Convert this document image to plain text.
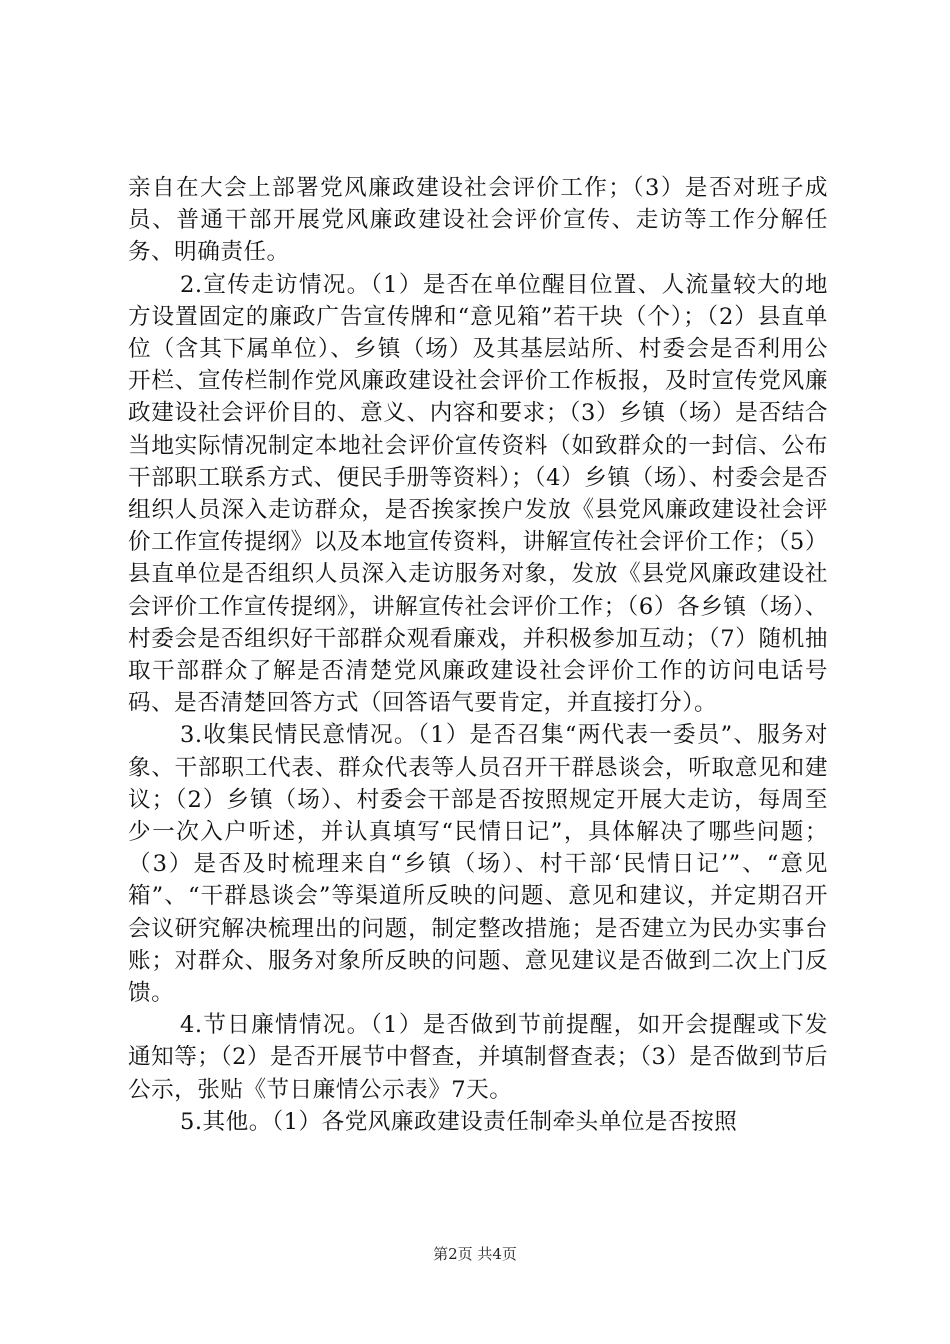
亲自在大会上部署党风廉政建设社会评价工作；（3）是否对班子成员、普通干部开展党风廉政建设社会评价宣传、走访等工作分解任务、明确责任。

2.宣传走访情况。（1）是否在单位醒目位置、人流量较大的地方设置固定的廉政广告宣传牌和“意见箱”若干块（个）；（2）县直单位（含其下属单位）、乡镇（场）及其基层站所、村委会是否利用公开栏、宣传栏制作党风廉政建设社会评价工作板报，及时宣传党风廉政建设社会评价目的、意义、内容和要求；（3）乡镇（场）是否结合当地实际情况制定本地社会评价宣传资料（如致群众的一封信、公布干部职工联系方式、便民手册等资料）；（4）乡镇（场）、村委会是否组织人员深入走访群众，是否挨家挨户发放《县党风廉政建设社会评价工作宣传提纲》以及本地宣传资料，讲解宣传社会评价工作；（5）县直单位是否组织人员深入走访服务对象，发放《县党风廉政建设社会评价工作宣传提纲》，讲解宣传社会评价工作；（6）各乡镇（场）、村委会是否组织好干部群众观看廉戏，并积极参加互动；（7）随机抽取干部群众了解是否清楚党风廉政建设社会评价工作的访问电话号码、是否清楚回答方式（回答语气要肯定，并直接打分）。

3.收集民情民意情况。（1）是否召集“两代表一委员”、服务对象、干部职工代表、群众代表等人员召开干群恳谈会，听取意见和建议；（2）乡镇（场）、村委会干部是否按照规定开展大走访，每周至少一次入户听述，并认真填写“民情日记”，具体解决了哪些问题；（3）是否及时梳理来自“乡镇（场）、村干部‘民情日记’”、“意见箱”、“干群恳谈会”等渠道所反映的问题、意见和建议，并定期召开会议研究解决梳理出的问题，制定整改措施；是否建立为民办实事台账；对群众、服务对象所反映的问题、意见建议是否做到二次上门反馈。

4.节日廉情情况。（1）是否做到节前提醒，如开会提醒或下发通知等；（2）是否开展节中督查，并填制督查表；（3）是否做到节后公示，张贴《节日廉情公示表》7天。

5.其他。（1）各党风廉政建设责任制牵头单位是否按照

第2页 共4页
